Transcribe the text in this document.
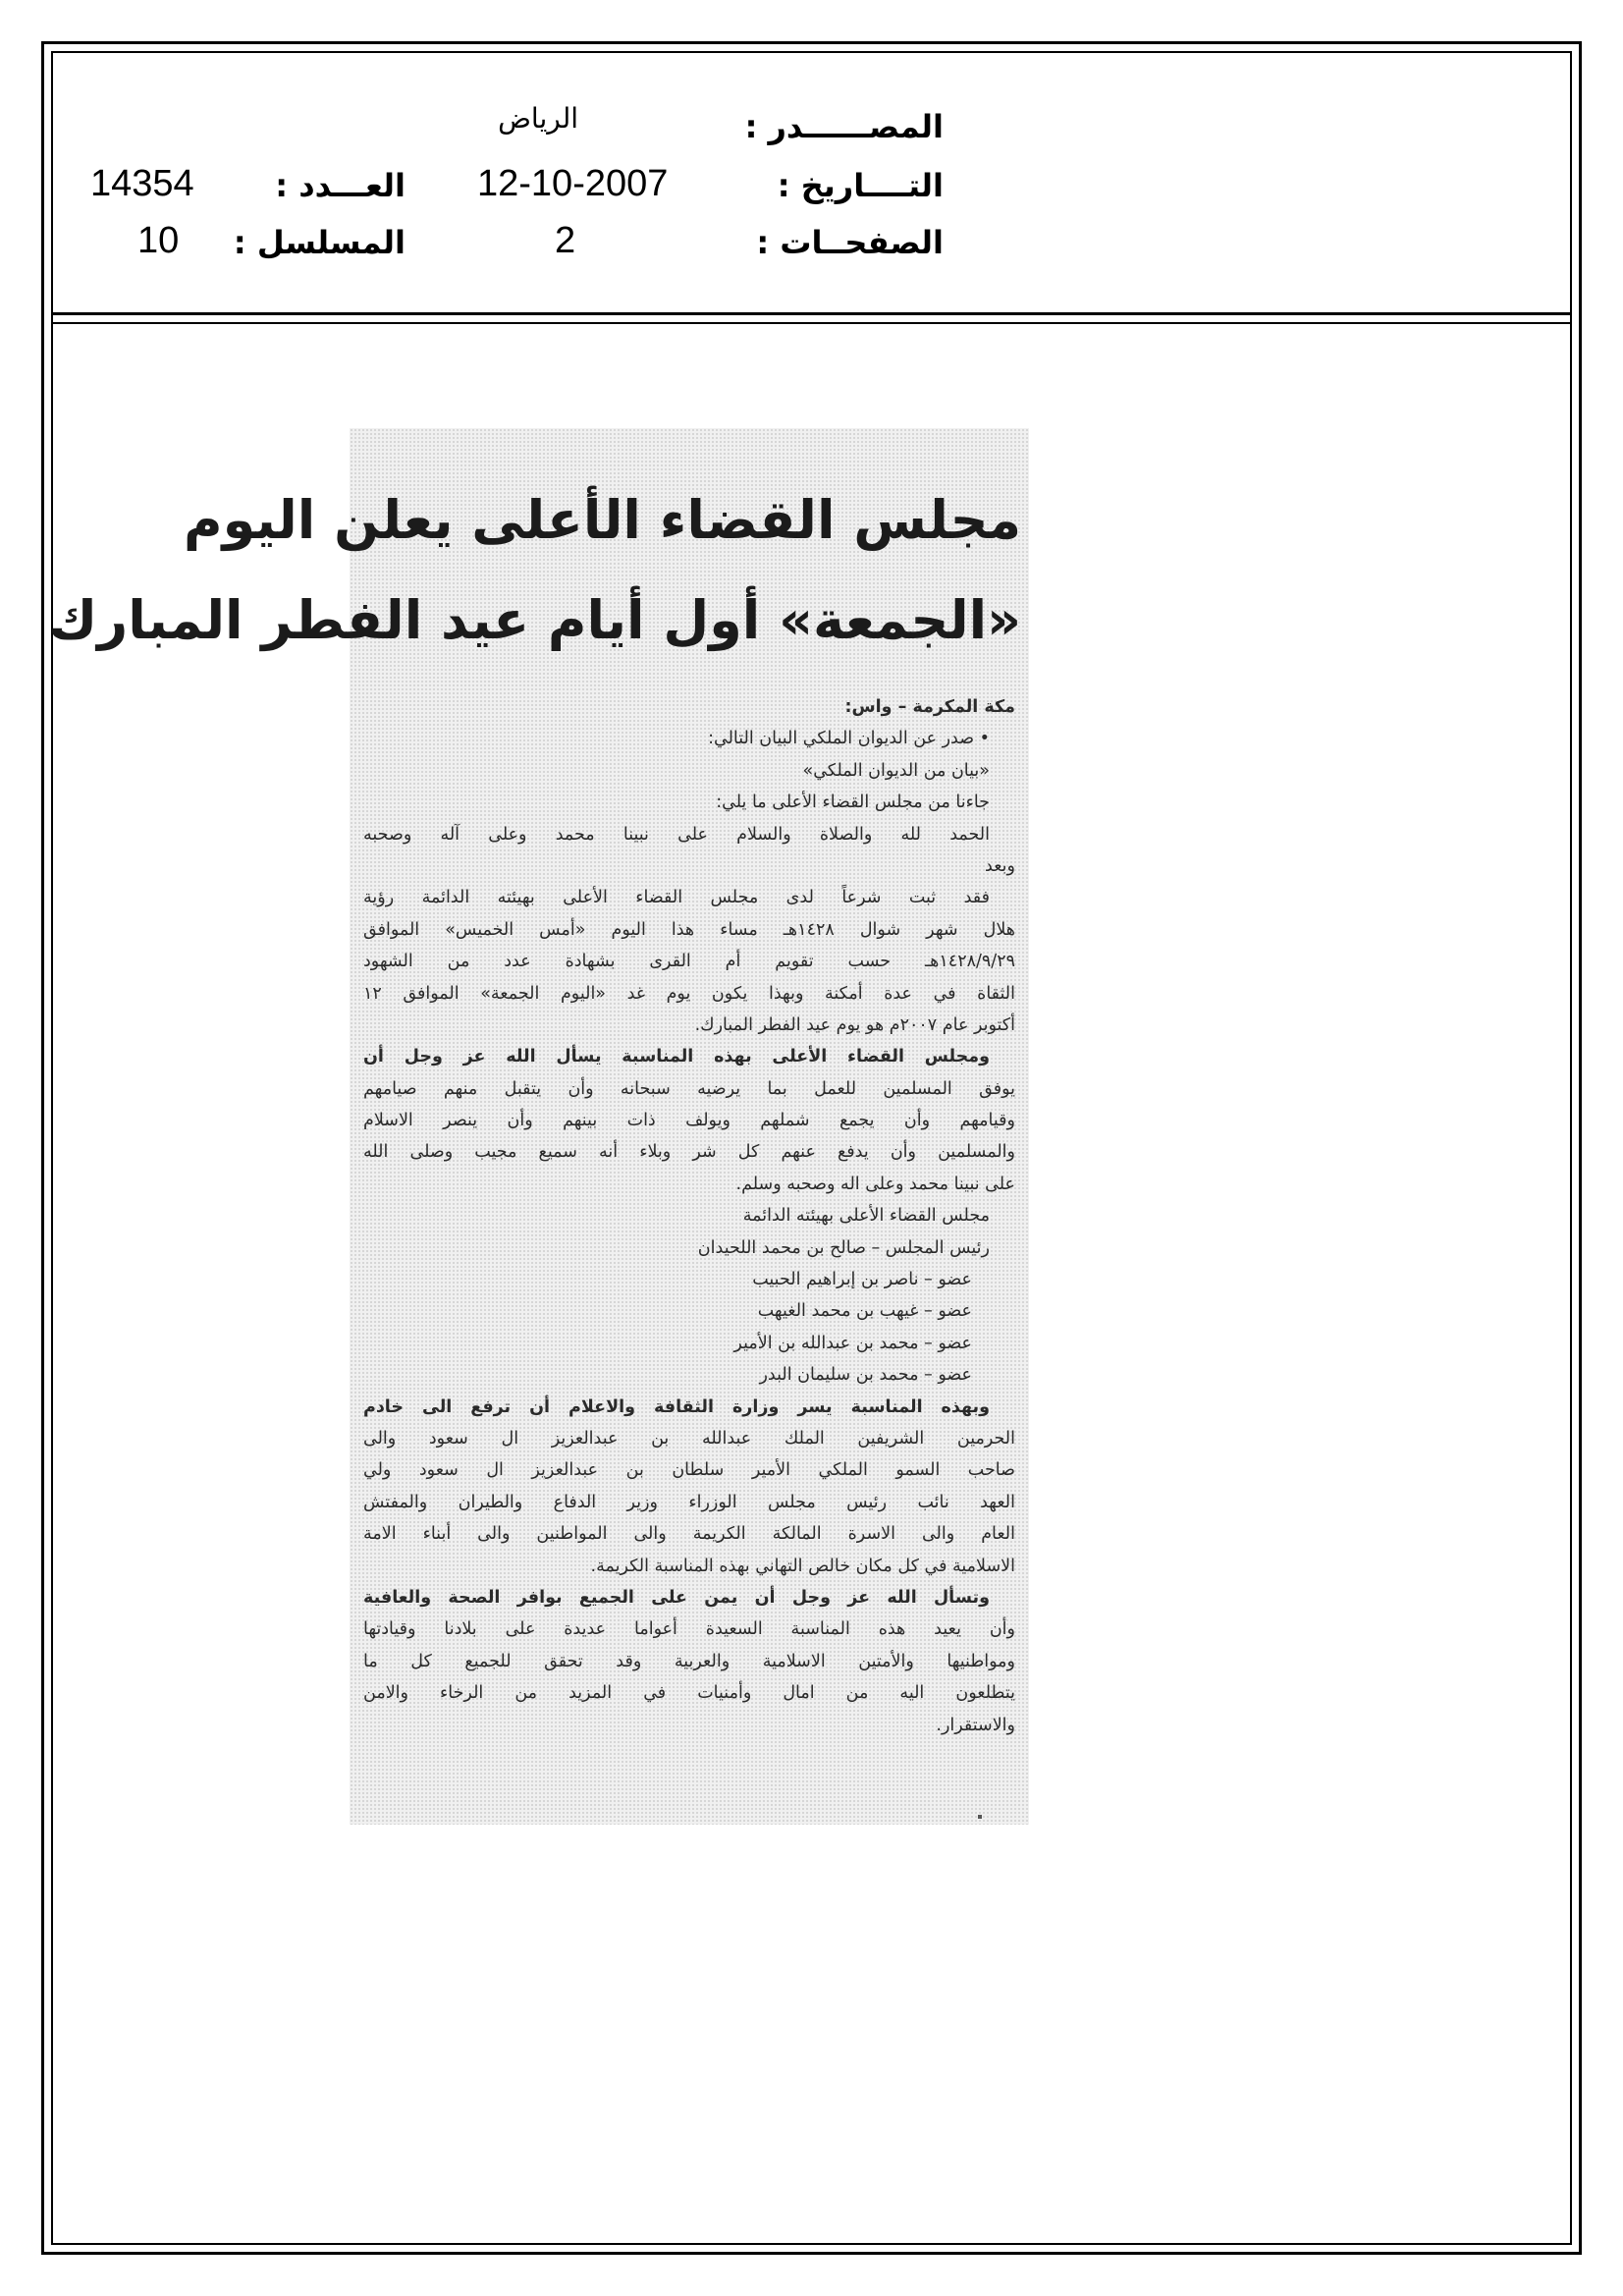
المصــــــدر :
الرياض
التــــاريخ :
12-10-2007
العـــدد :
14354
الصفحــات :
2
المسلسل :
10
مجلس القضاء الأعلى يعلن اليوم
«الجمعة» أول أيام عيد الفطر المبارك
مكة المكرمة – واس:
• صدر عن الديوان الملكي البيان التالي:
«بيان من الديوان الملكي»
جاءنا من مجلس القضاء الأعلى ما يلي:
الحمد لله والصلاة والسلام على نبينا محمد وعلى آله وصحبه
وبعد
فقد ثبت شرعاً لدى مجلس القضاء الأعلى بهيئته الدائمة رؤية
هلال شهر شوال ١٤٢٨هـ مساء هذا اليوم «أمس الخميس» الموافق
١٤٢٨/٩/٢٩هـ حسب تقويم أم القرى بشهادة عدد من الشهود
الثقاة في عدة أمكنة وبهذا يكون يوم غد «اليوم الجمعة» الموافق ١٢
أكتوبر عام ٢٠٠٧م هو يوم عيد الفطر المبارك.
ومجلس القضاء الأعلى بهذه المناسبة يسأل الله عز وجل أن
يوفق المسلمين للعمل بما يرضيه سبحانه وأن يتقبل منهم صيامهم
وقيامهم وأن يجمع شملهم ويولف ذات بينهم وأن ينصر الاسلام
والمسلمين وأن يدفع عنهم كل شر وبلاء أنه سميع مجيب وصلى الله
على نبينا محمد وعلى اله وصحبه وسلم.
مجلس القضاء الأعلى بهيئته الدائمة
رئيس المجلس – صالح بن محمد اللحيدان
عضو – ناصر بن إبراهيم الحبيب
عضو – غيهب بن محمد الغيهب
عضو – محمد بن عبدالله بن الأمير
عضو – محمد بن سليمان البدر
وبهذه المناسبة يسر وزارة الثقافة والاعلام أن ترفع الى خادم
الحرمين الشريفين الملك عبدالله بن عبدالعزيز ال سعود والى
صاحب السمو الملكي الأمير سلطان بن عبدالعزيز ال سعود ولي
العهد نائب رئيس مجلس الوزراء وزير الدفاع والطيران والمفتش
العام والى الاسرة المالكة الكريمة والى المواطنين والى أبناء الامة
الاسلامية في كل مكان خالص التهاني بهذه المناسبة الكريمة.
وتسأل الله عز وجل أن يمن على الجميع بوافر الصحة والعافية
وأن يعيد هذه المناسبة السعيدة أعواما عديدة على بلادنا وقيادتها
ومواطنيها والأمتين الاسلامية والعربية وقد تحقق للجميع كل ما
يتطلعون اليه من امال وأمنيات في المزيد من الرخاء والامن
والاستقرار.
